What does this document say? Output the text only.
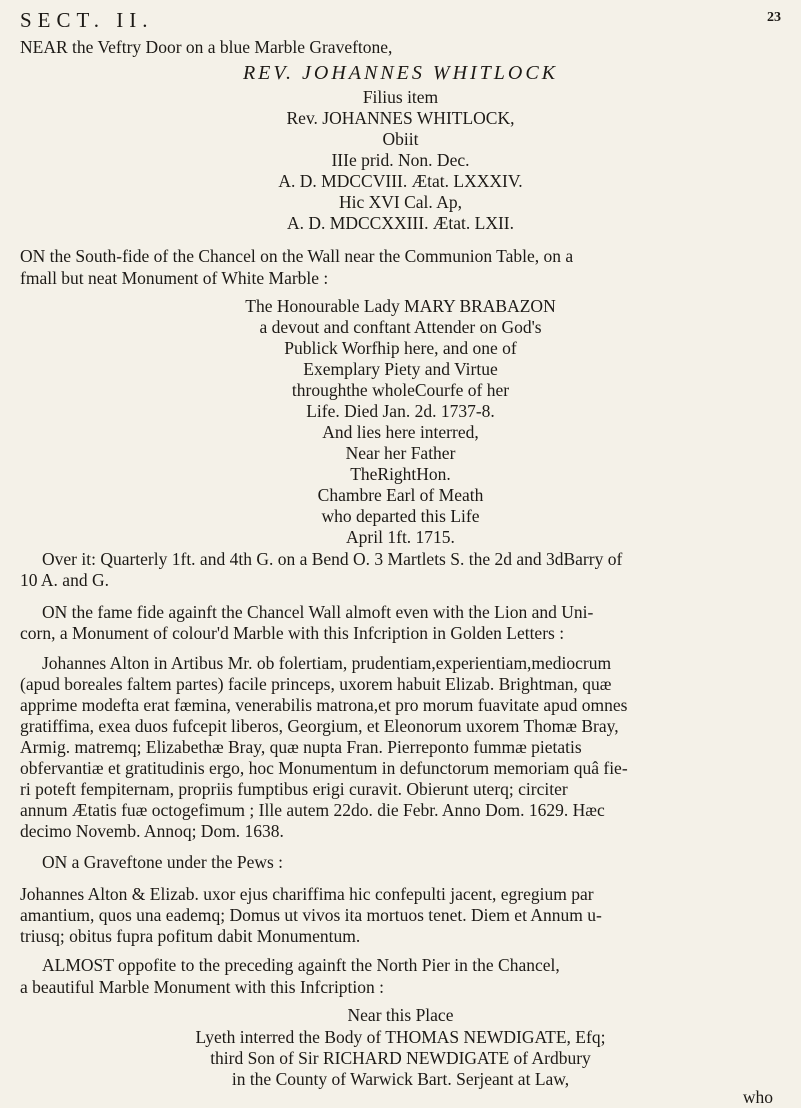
SECT. II.	23
NEAR the Veftry Door on a blue Marble Graveftone,
REV. JOHANNES WHITLOCK
Filius item
Rev. JOHANNES WHITLOCK,
Obiit
IIIe prid. Non. Dec.
A. D. MDCCVIII. Ætat. LXXXIV.
Hic XVI Cal. Ap,
A. D. MDCCXXIII. Ætat. LXII.
ON the South-fide of the Chancel on the Wall near the Communion Table, on a
fmall but neat Monument of White Marble :
The Honourable Lady MARY BRABAZON
a devout and conftant Attender on God's
Publick Worfhip here, and one of
Exemplary Piety and Virtue
throughthe wholeCourfe of her
Life. Died Jan. 2d. 1737-8.
And lies here interred,
Near her Father
TheRightHon.
Chambre Earl of Meath
who departed this Life
April 1ft. 1715.
Over it: Quarterly 1ft. and 4th G. on a Bend O. 3 Martlets S. the 2d and 3dBarry of
10 A. and G.
ON the fame fide againft the Chancel Wall almoft even with the Lion and Uni-
corn, a Monument of colour'd Marble with this Infcription in Golden Letters :
Johannes Alton in Artibus Mr. ob folertiam, prudentiam,experientiam,mediocrum
(apud boreales faltem partes) facile princeps, uxorem habuit Elizab. Brightman, quæ
apprime modefta erat fæmina, venerabilis matrona,et pro morum fuavitate apud omnes
gratiffima, exea duos fufcepit liberos, Georgium, et Eleonorum uxorem Thomæ Bray,
Armig. matremq; Elizabethæ Bray, quæ nupta Fran. Pierreponto fummæ pietatis
obfervantiæ et gratitudinis ergo, hoc Monumentum in defunctorum memoriam quâ fie-
ri poteft fempiternam, propriis fumptibus erigi curavit. Obierunt uterq; circiter
annum Ætatis fuæ octogefimum ; Ille autem 22do. die Febr. Anno Dom. 1629. Hæc
decimo Novemb. Annoq; Dom. 1638.
ON a Graveftone under the Pews :
Johannes Alton & Elizab. uxor ejus chariffima hic confepulti jacent, egregium par
amantium, quos una eademq; Domus ut vivos ita mortuos tenet. Diem et Annum u-
triusq; obitus fupra pofitum dabit Monumentum.
ALMOST oppofite to the preceding againft the North Pier in the Chancel,
a beautiful Marble Monument with this Infcription :
Near this Place
Lyeth interred the Body of THOMAS NEWDIGATE, Efq;
third Son of Sir RICHARD NEWDIGATE of Ardbury
in the County of Warwick Bart. Serjeant at Law,
who
